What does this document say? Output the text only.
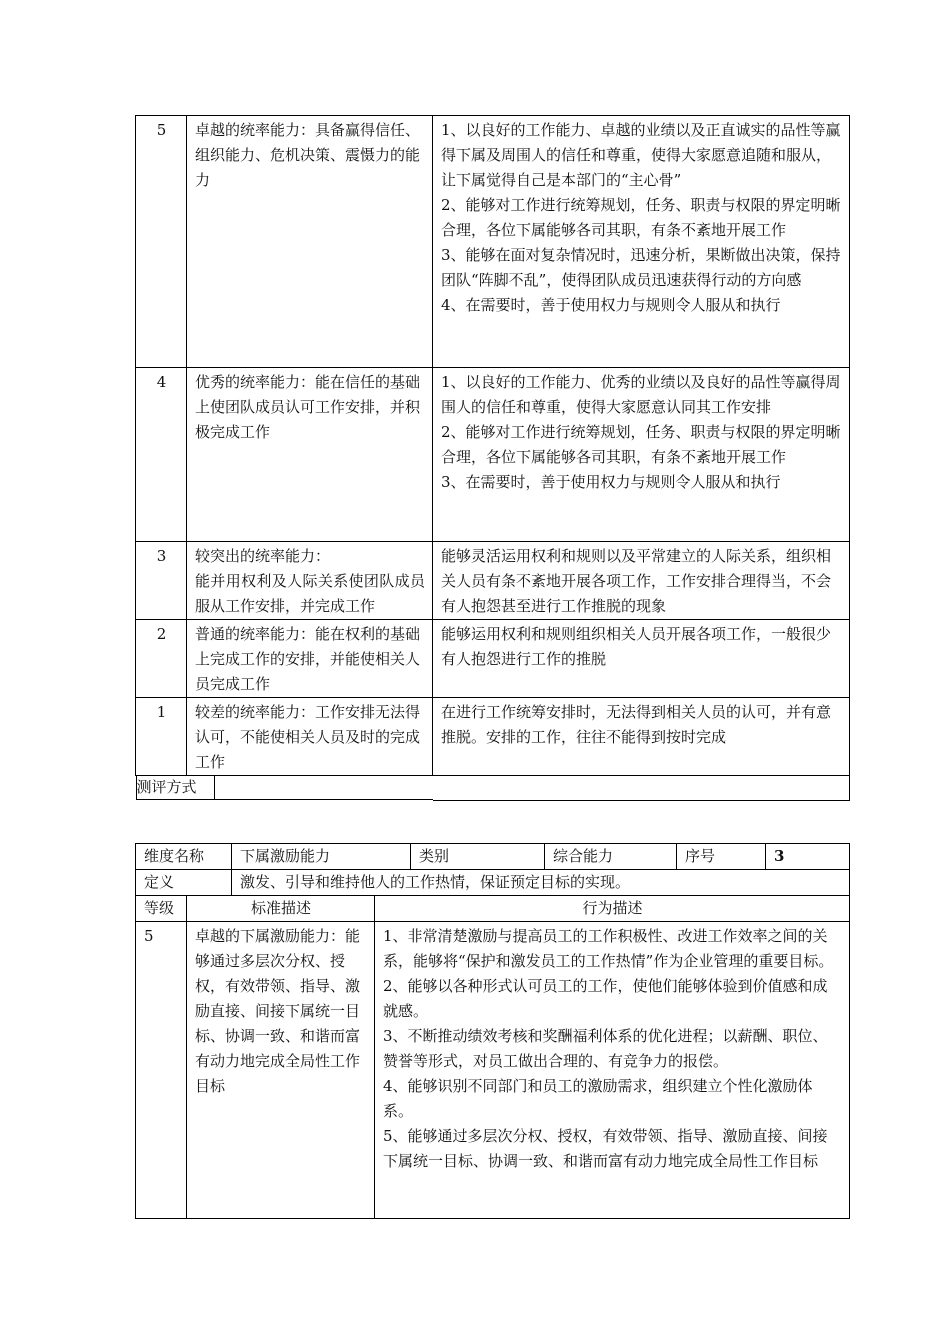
5	卓越的统率能力：具备赢得信任、组织能力、危机决策、震慑力的能力	1、以良好的工作能力、卓越的业绩以及正直诚实的品性等赢得下属及周围人的信任和尊重，使得大家愿意追随和服从，让下属觉得自己是本部门的“主心骨”
2、能够对工作进行统筹规划，任务、职责与权限的界定明晰合理，各位下属能够各司其职，有条不紊地开展工作
3、能够在面对复杂情况时，迅速分析，果断做出决策，保持团队“阵脚不乱”，使得团队成员迅速获得行动的方向感
4、在需要时，善于使用权力与规则令人服从和执行

4	优秀的统率能力：能在信任的基础上使团队成员认可工作安排，并积极完成工作	1、以良好的工作能力、优秀的业绩以及良好的品性等赢得周围人的信任和尊重，使得大家愿意认同其工作安排
2、能够对工作进行统筹规划，任务、职责与权限的界定明晰合理，各位下属能够各司其职，有条不紊地开展工作
3、在需要时，善于使用权力与规则令人服从和执行

3	较突出的统率能力：
能并用权利及人际关系使团队成员服从工作安排，并完成工作	能够灵活运用权利和规则以及平常建立的人际关系，组织相关人员有条不紊地开展各项工作，工作安排合理得当，不会有人抱怨甚至进行工作推脱的现象

2	普通的统率能力：能在权利的基础上完成工作的安排，并能使相关人员完成工作	能够运用权利和规则组织相关人员开展各项工作，一般很少有人抱怨进行工作的推脱

1	较差的统率能力：工作安排无法得认可，不能使相关人员及时的完成工作	在进行工作统筹安排时，无法得到相关人员的认可，并有意推脱。安排的工作，往往不能得到按时完成

测评方式		

维度名称		下属激励能力		类别	综合能力	序号	3
定义		激发、引导和维持他人的工作热情，保证预定目标的实现。					
等级	标准描述		行为描述				
5	卓越的下属激励能力：能够通过多层次分权、授权，有效带领、指导、激励直接、间接下属统一目标、协调一致、和谐而富有动力地完成全局性工作目标		1、非常清楚激励与提高员工的工作积极性、改进工作效率之间的关系，能够将“保护和激发员工的工作热情”作为企业管理的重要目标。
2、能够以各种形式认可员工的工作，使他们能够体验到价值感和成就感。
3、不断推动绩效考核和奖酬福利体系的优化进程；以薪酬、职位、赞誉等形式，对员工做出合理的、有竞争力的报偿。
4、能够识别不同部门和员工的激励需求，组织建立个性化激励体系。
5、能够通过多层次分权、授权，有效带领、指导、激励直接、间接下属统一目标、协调一致、和谐而富有动力地完成全局性工作目标				
